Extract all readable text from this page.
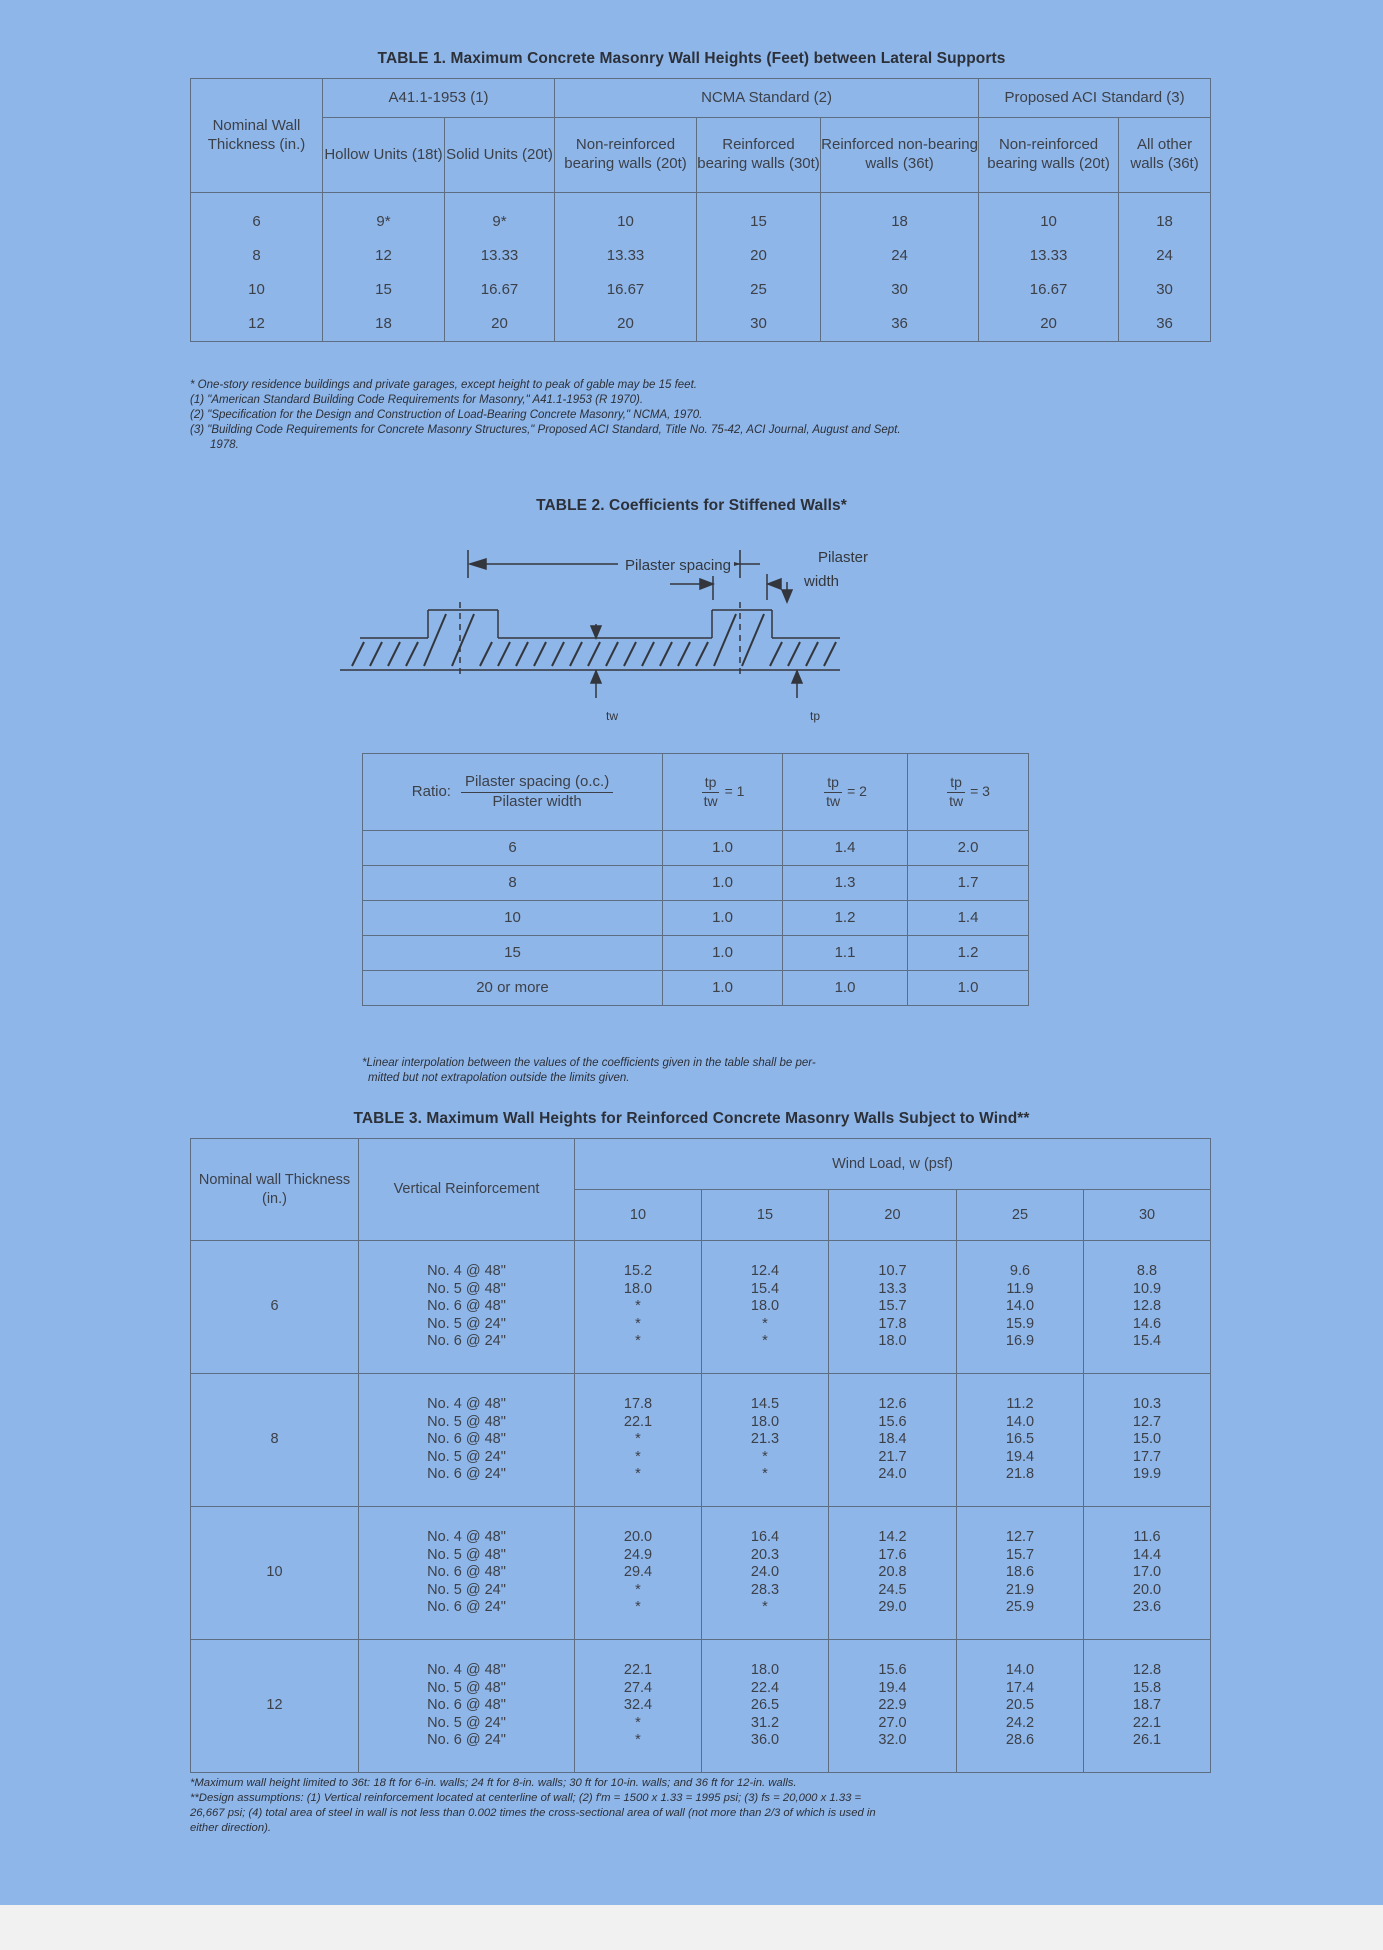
TABLE 1. Maximum Concrete Masonry Wall Heights (Feet) between Lateral Supports
Nominal Wall Thickness (in.)	A41.1-1953 (1)		NCMA Standard (2)			Proposed ACI Standard (3)	
	Hollow Units (18t)	Solid Units (20t)	Non-reinforced bearing walls (20t)	Reinforced bearing walls (30t)	Reinforced non-bearing walls (36t)	Non-reinforced bearing walls (20t)	All other walls (36t)
6	9*	9*	10	15	18	10	18
8	12	13.33	13.33	20	24	13.33	24
10	15	16.67	16.67	25	30	16.67	30
12	18	20	20	30	36	20	36
* One-story residence buildings and private garages, except height to peak of gable may be 15 feet.
(1) "American Standard Building Code Requirements for Masonry," A41.1-1953 (R 1970).
(2) "Specification for the Design and Construction of Load-Bearing Concrete Masonry," NCMA, 1970.
(3) "Building Code Requirements for Concrete Masonry Structures," Proposed ACI Standard, Title No. 75-42, ACI Journal, August and Sept.
1978.
TABLE 2. Coefficients for Stiffened Walls*
Pilaster spacing	Pilaster
width
tw	tp
Ratio: $\frac{\text{Pilaster spacing (o.c.)}}{\text{Pilaster width}}$	$\frac{tp}{tw} = 1$	$\frac{tp}{tw} = 2$	$\frac{tp}{tw} = 3$

6	1.0	1.4	2.0
8	1.0	1.3	1.7
10	1.0	1.2	1.4
15	1.0	1.1	1.2
20 or more	1.0	1.0	1.0
*Linear interpolation between the values of the coefficients given in the table shall be per-
mitted but not extrapolation outside the limits given.
TABLE 3. Maximum Wall Heights for Reinforced Concrete Masonry Walls Subject to Wind**
Nominal wall Thickness (in.)	Vertical Reinforcement	Wind Load, w (psf)				
		10	15	20	25	30
6	No. 4 @ 48"
No. 5 @ 48"
No. 6 @ 48"
No. 5 @ 24"
No. 6 @ 24"	15.2
18.0
*
*
*	12.4
15.4
18.0
*
*	10.7
13.3
15.7
17.8
18.0	9.6
11.9
14.0
15.9
16.9	8.8
10.9
12.8
14.6
15.4

8	No. 4 @ 48"
No. 5 @ 48"
No. 6 @ 48"
No. 5 @ 24"
No. 6 @ 24"	17.8
22.1
*
*
*	14.5
18.0
21.3
*
*	12.6
15.6
18.4
21.7
24.0	11.2
14.0
16.5
19.4
21.8	10.3
12.7
15.0
17.7
19.9

10	No. 4 @ 48"
No. 5 @ 48"
No. 6 @ 48"
No. 5 @ 24"
No. 6 @ 24"	20.0
24.9
29.4
*
*	16.4
20.3
24.0
28.3
*	14.2
17.6
20.8
24.5
29.0	12.7
15.7
18.6
21.9
25.9	11.6
14.4
17.0
20.0
23.6

12	No. 4 @ 48"
No. 5 @ 48"
No. 6 @ 48"
No. 5 @ 24"
No. 6 @ 24"	22.1
27.4
32.4
*
*	18.0
22.4
26.5
31.2
36.0	15.6
19.4
22.9
27.0
32.0	14.0
17.4
20.5
24.2
28.6	12.8
15.8
18.7
22.1
26.1
*Maximum wall height limited to 36t: 18 ft for 6-in. walls; 24 ft for 8-in. walls; 30 ft for 10-in. walls; and 36 ft for 12-in. walls.
**Design assumptions: (1) Vertical reinforcement located at centerline of wall; (2) f'm = 1500 x 1.33 = 1995 psi; (3) fs = 20,000 x 1.33 =
26,667 psi; (4) total area of steel in wall is not less than 0.002 times the cross-sectional area of wall (not more than 2/3 of which is used in
either direction).
